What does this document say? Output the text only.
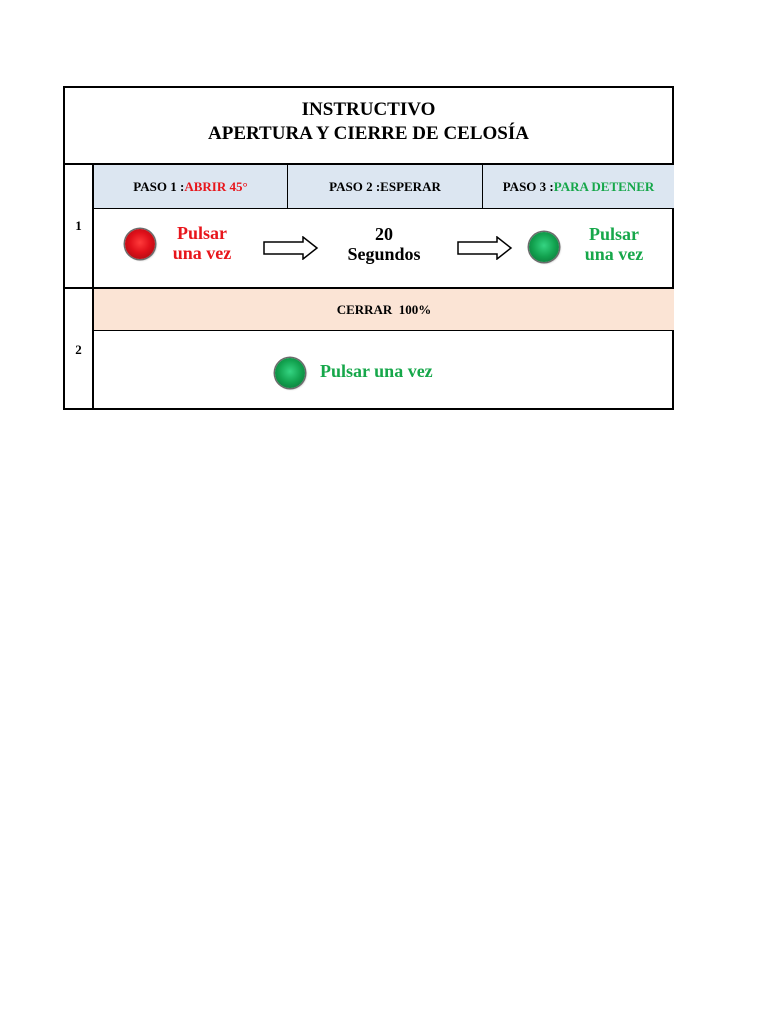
INSTRUCTIVO
APERTURA Y CIERRE DE CELOSÍA
1
PASO 1 : ABRIR 45°	PASO 2 : ESPERAR	PASO 3 : PARA DETENER
Pulsar
una vez
20
Segundos
Pulsar
una vez
2
CERRAR  100%
Pulsar una vez
